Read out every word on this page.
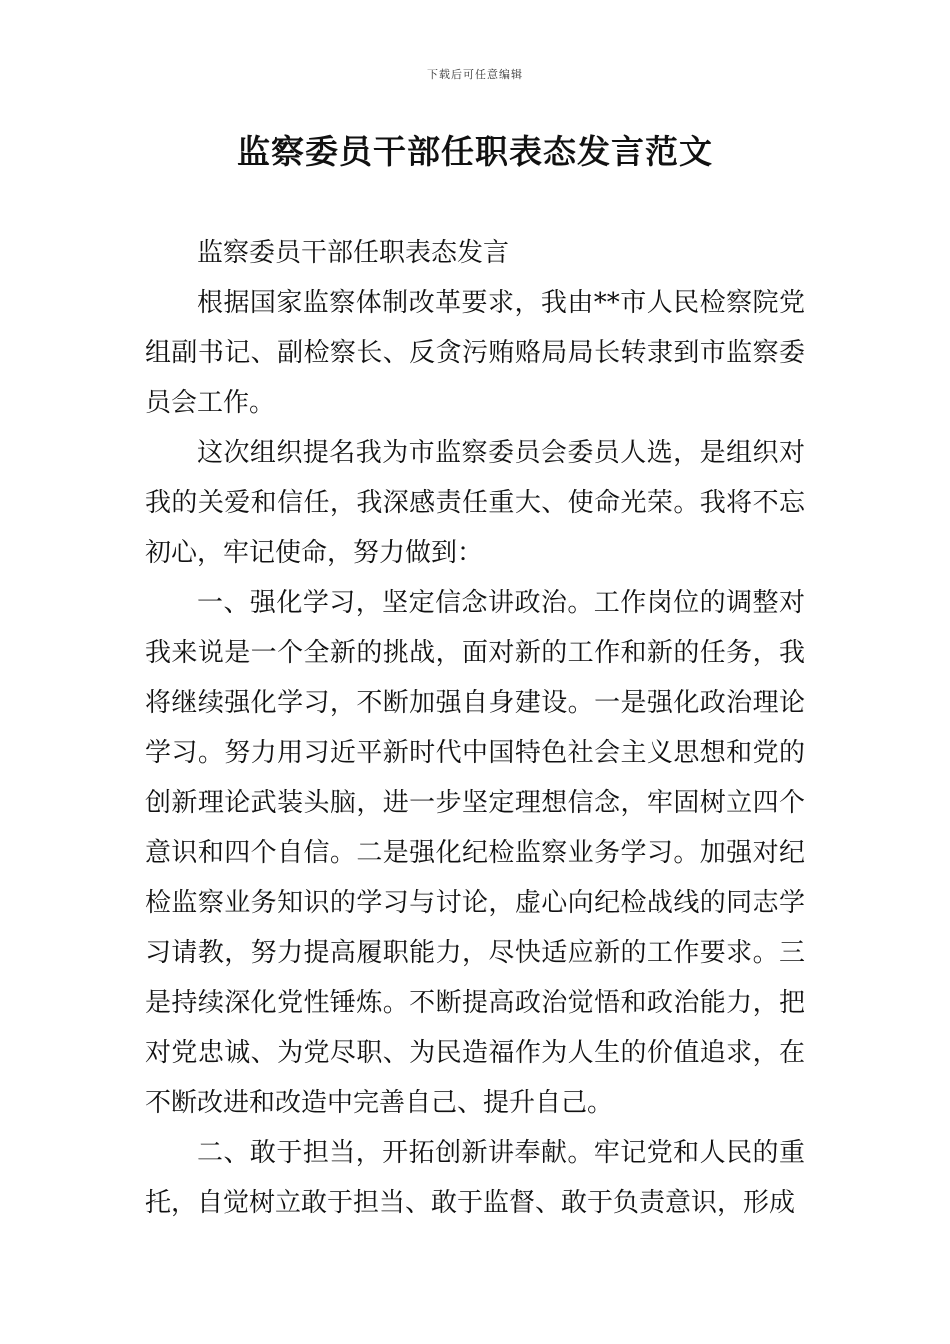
下载后可任意编辑
监察委员干部任职表态发言范文

监察委员干部任职表态发言

根据国家监察体制改革要求，我由**市人民检察院党组副书记、副检察长、反贪污贿赂局局长转隶到市监察委员会工作。

这次组织提名我为市监察委员会委员人选，是组织对我的关爱和信任，我深感责任重大、使命光荣。我将不忘初心，牢记使命，努力做到：

一、强化学习，坚定信念讲政治。工作岗位的调整对我来说是一个全新的挑战，面对新的工作和新的任务，我将继续强化学习，不断加强自身建设。一是强化政治理论学习。努力用习近平新时代中国特色社会主义思想和党的创新理论武装头脑，进一步坚定理想信念，牢固树立四个意识和四个自信。二是强化纪检监察业务学习。加强对纪检监察业务知识的学习与讨论，虚心向纪检战线的同志学习请教，努力提高履职能力，尽快适应新的工作要求。三是持续深化党性锤炼。不断提高政治觉悟和政治能力，把对党忠诚、为党尽职、为民造福作为人生的价值追求，在不断改进和改造中完善自己、提升自己。

二、敢于担当，开拓创新讲奉献。牢记党和人民的重托，自觉树立敢于担当、敢于监督、敢于负责意识，形成
